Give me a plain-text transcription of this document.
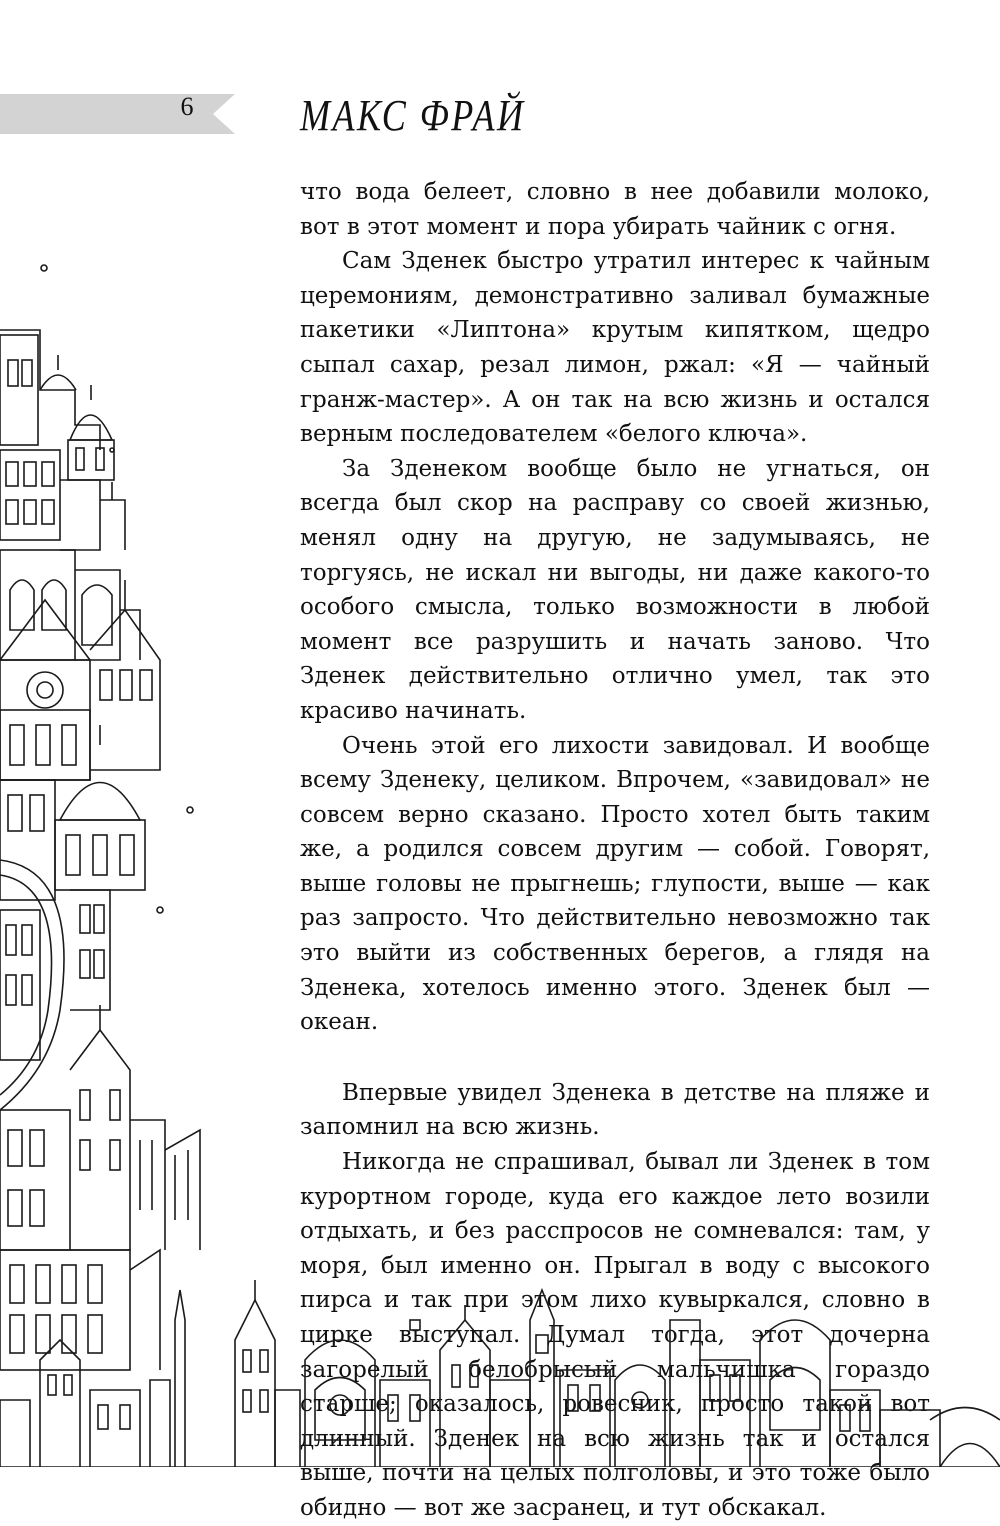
6	МАКС ФРАЙ

что вода белеет, словно в нее добавили молоко, вот в этот момент и пора убирать чайник с огня.

Сам Зденек быстро утратил интерес к чайным церемониям, демонстративно заливал бумажные пакетики «Липтона» крутым кипятком, щедро сыпал сахар, резал лимон, ржал: «Я — чайный гранж-мастер». А он так на всю жизнь и остался верным последователем «белого ключа».

За Зденеком вообще было не угнаться, он всегда был скор на расправу со своей жизнью, менял одну на другую, не задумываясь, не торгуясь, не искал ни выгоды, ни даже какого-то особого смысла, только возможности в любой момент все разрушить и начать заново. Что Зденек действительно отлично умел, так это красиво начинать.

Очень этой его лихости завидовал. И вообще всему Зденеку, целиком. Впрочем, «завидовал» не совсем верно сказано. Просто хотел быть таким же, а родился совсем другим — собой. Говорят, выше головы не прыгнешь; глупости, выше — как раз запросто. Что действительно невозможно так это выйти из собственных берегов, а глядя на Зденека, хотелось именно этого. Зденек был — океан.

Впервые увидел Зденека в детстве на пляже и запомнил на всю жизнь.

Никогда не спрашивал, бывал ли Зденек в том курортном городе, куда его каждое лето возили отдыхать, и без расспросов не сомневался: там, у моря, был именно он. Прыгал в воду с высокого пирса и так при этом лихо кувыркался, словно в цирке выступал. Думал тогда, этот дочерна загорелый белобрысый мальчишка гораздо старше; оказалось, ровесник, просто такой вот длинный. Зденек на всю жизнь так и остался выше, почти на целых полголовы, и это тоже было обидно — вот же засранец, и тут обскакал.
